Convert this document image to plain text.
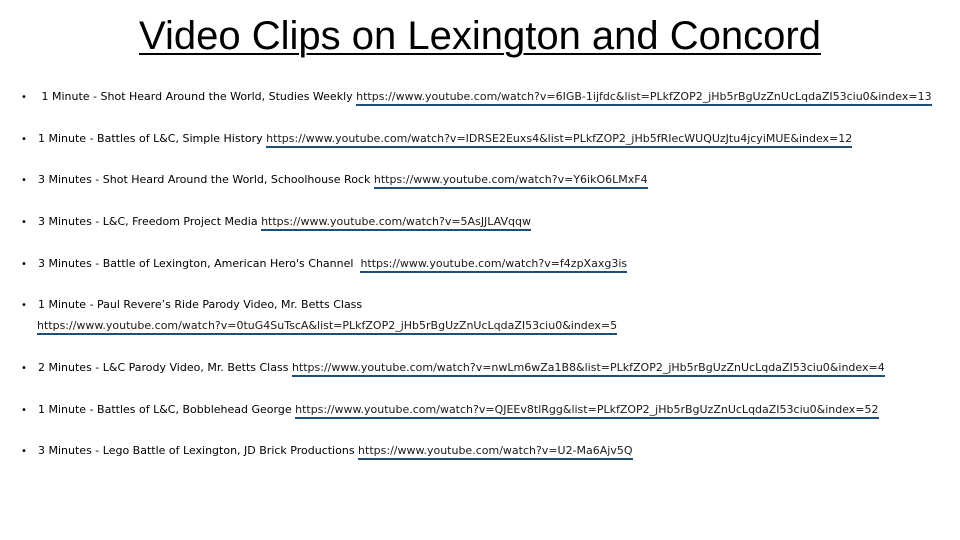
Video Clips on Lexington and Concord
• 1 Minute - Shot Heard Around the World, Studies Weekly https://www.youtube.com/watch?v=6IGB-1ijfdc&list=PLkfZOP2_jHb5rBgUzZnUcLqdaZI53ciu0&index=13
• 1 Minute - Battles of L&C, Simple History https://www.youtube.com/watch?v=IDRSE2Euxs4&list=PLkfZOP2_jHb5fRIecWUQUzJtu4jcyiMUE&index=12
• 3 Minutes - Shot Heard Around the World, Schoolhouse Rock https://www.youtube.com/watch?v=Y6ikO6LMxF4
• 3 Minutes - L&C, Freedom Project Media https://www.youtube.com/watch?v=5AsJJLAVqqw
• 3 Minutes - Battle of Lexington, American Hero's Channel  https://www.youtube.com/watch?v=f4zpXaxg3is
• 1 Minute - Paul Revere’s Ride Parody Video, Mr. Betts Class
https://www.youtube.com/watch?v=0tuG4SuTscA&list=PLkfZOP2_jHb5rBgUzZnUcLqdaZI53ciu0&index=5
• 2 Minutes - L&C Parody Video, Mr. Betts Class https://www.youtube.com/watch?v=nwLm6wZa1B8&list=PLkfZOP2_jHb5rBgUzZnUcLqdaZI53ciu0&index=4
• 1 Minute - Battles of L&C, Bobblehead George https://www.youtube.com/watch?v=QJEEv8tlRgg&list=PLkfZOP2_jHb5rBgUzZnUcLqdaZI53ciu0&index=52
• 3 Minutes - Lego Battle of Lexington, JD Brick Productions https://www.youtube.com/watch?v=U2-Ma6Ajv5Q
